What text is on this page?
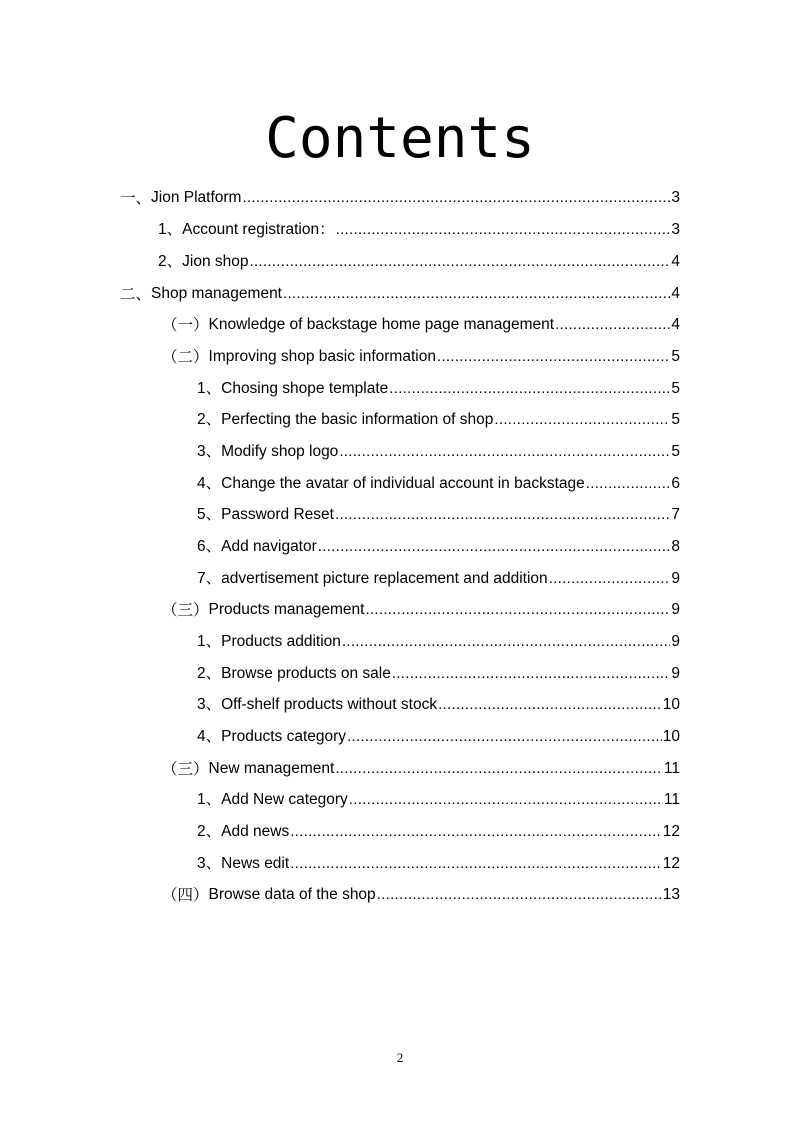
Contents
一、 Jion Platform .....	3
1、 Account registration： .....	3
2、 Jion shop .....	4
二、 Shop management .....	4
（一） Knowledge of backstage home page management .....	4
（二） Improving shop basic information .....	5
1、 Chosing shope template .....	5
2、 Perfecting the basic information of shop .....	5
3、 Modify shop logo .....	5
4、 Change the avatar of individual account in backstage .....	6
5、 Password Reset .....	7
6、 Add navigator .....	8
7、 advertisement picture replacement and addition .....	9
（三） Products management .....	9
1、 Products addition .....	9
2、 Browse products on sale .....	9
3、 Off-shelf products without stock .....	10
4、 Products category .....	10
（三） New management .....	11
1、 Add New category .....	11
2、 Add news .....	12
3、 News edit .....	12
（四） Browse data of the shop .....	13
2
